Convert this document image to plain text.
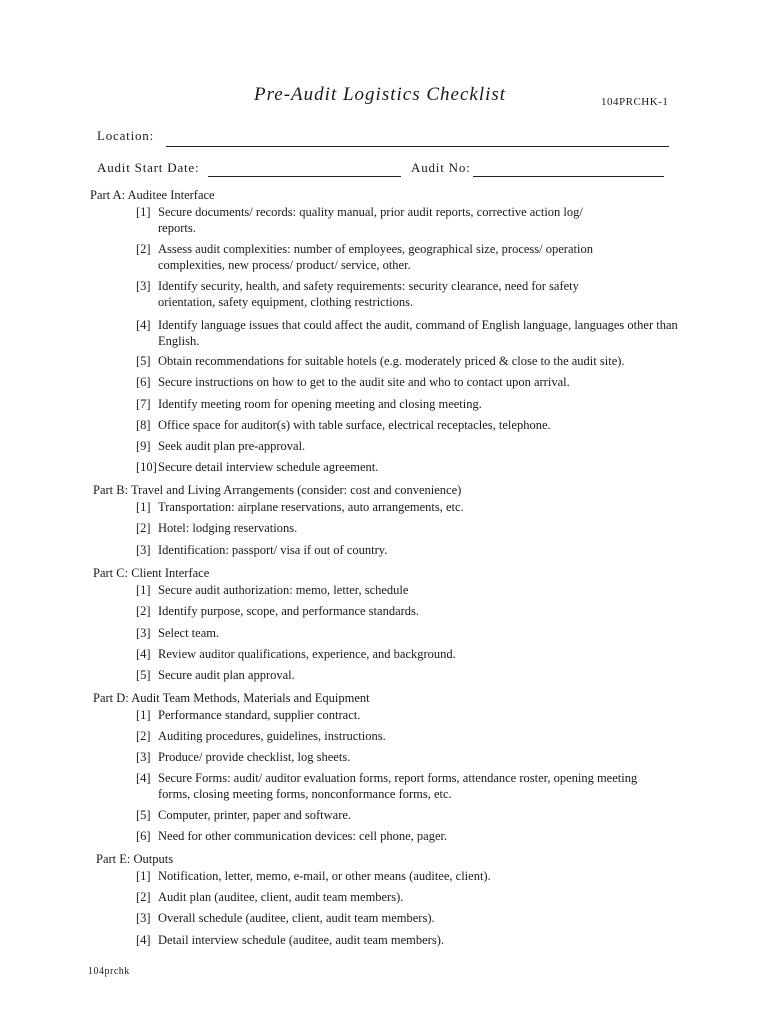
Pre-Audit Logistics Checklist	104PRCHK-1
Location:
Audit Start Date:	Audit No:
Part A: Auditee Interface
[1] Secure documents/ records: quality manual, prior audit reports, corrective action log/ reports.
[2] Assess audit complexities: number of employees, geographical size, process/ operation complexities, new process/ product/ service, other.
[3] Identify security, health, and safety requirements: security clearance, need for safety orientation, safety equipment, clothing restrictions.
[4] Identify language issues that could affect the audit, command of English language, languages other than English.
[5] Obtain recommendations for suitable hotels (e.g. moderately priced & close to the audit site).
[6] Secure instructions on how to get to the audit site and who to contact upon arrival.
[7] Identify meeting room for opening meeting and closing meeting.
[8] Office space for auditor(s) with table surface, electrical receptacles, telephone.
[9] Seek audit plan pre-approval.
[10]Secure detail interview schedule agreement.
Part B: Travel and Living Arrangements (consider: cost and convenience)
[1] Transportation: airplane reservations, auto arrangements, etc.
[2] Hotel: lodging reservations.
[3] Identification: passport/ visa if out of country.
Part C: Client Interface
[1] Secure audit authorization: memo, letter, schedule
[2] Identify purpose, scope, and performance standards.
[3] Select team.
[4] Review auditor qualifications, experience, and background.
[5] Secure audit plan approval.
Part D: Audit Team Methods, Materials and Equipment
[1] Performance standard, supplier contract.
[2] Auditing procedures, guidelines, instructions.
[3] Produce/ provide checklist, log sheets.
[4] Secure Forms: audit/ auditor evaluation forms, report forms, attendance roster, opening meeting forms, closing meeting forms, nonconformance forms, etc.
[5] Computer, printer, paper and software.
[6] Need for other communication devices: cell phone, pager.
Part E: Outputs
[1] Notification, letter, memo, e-mail, or other means (auditee, client).
[2] Audit plan (auditee, client, audit team members).
[3] Overall schedule (auditee, client, audit team members).
[4] Detail interview schedule (auditee, audit team members).
104prchk
